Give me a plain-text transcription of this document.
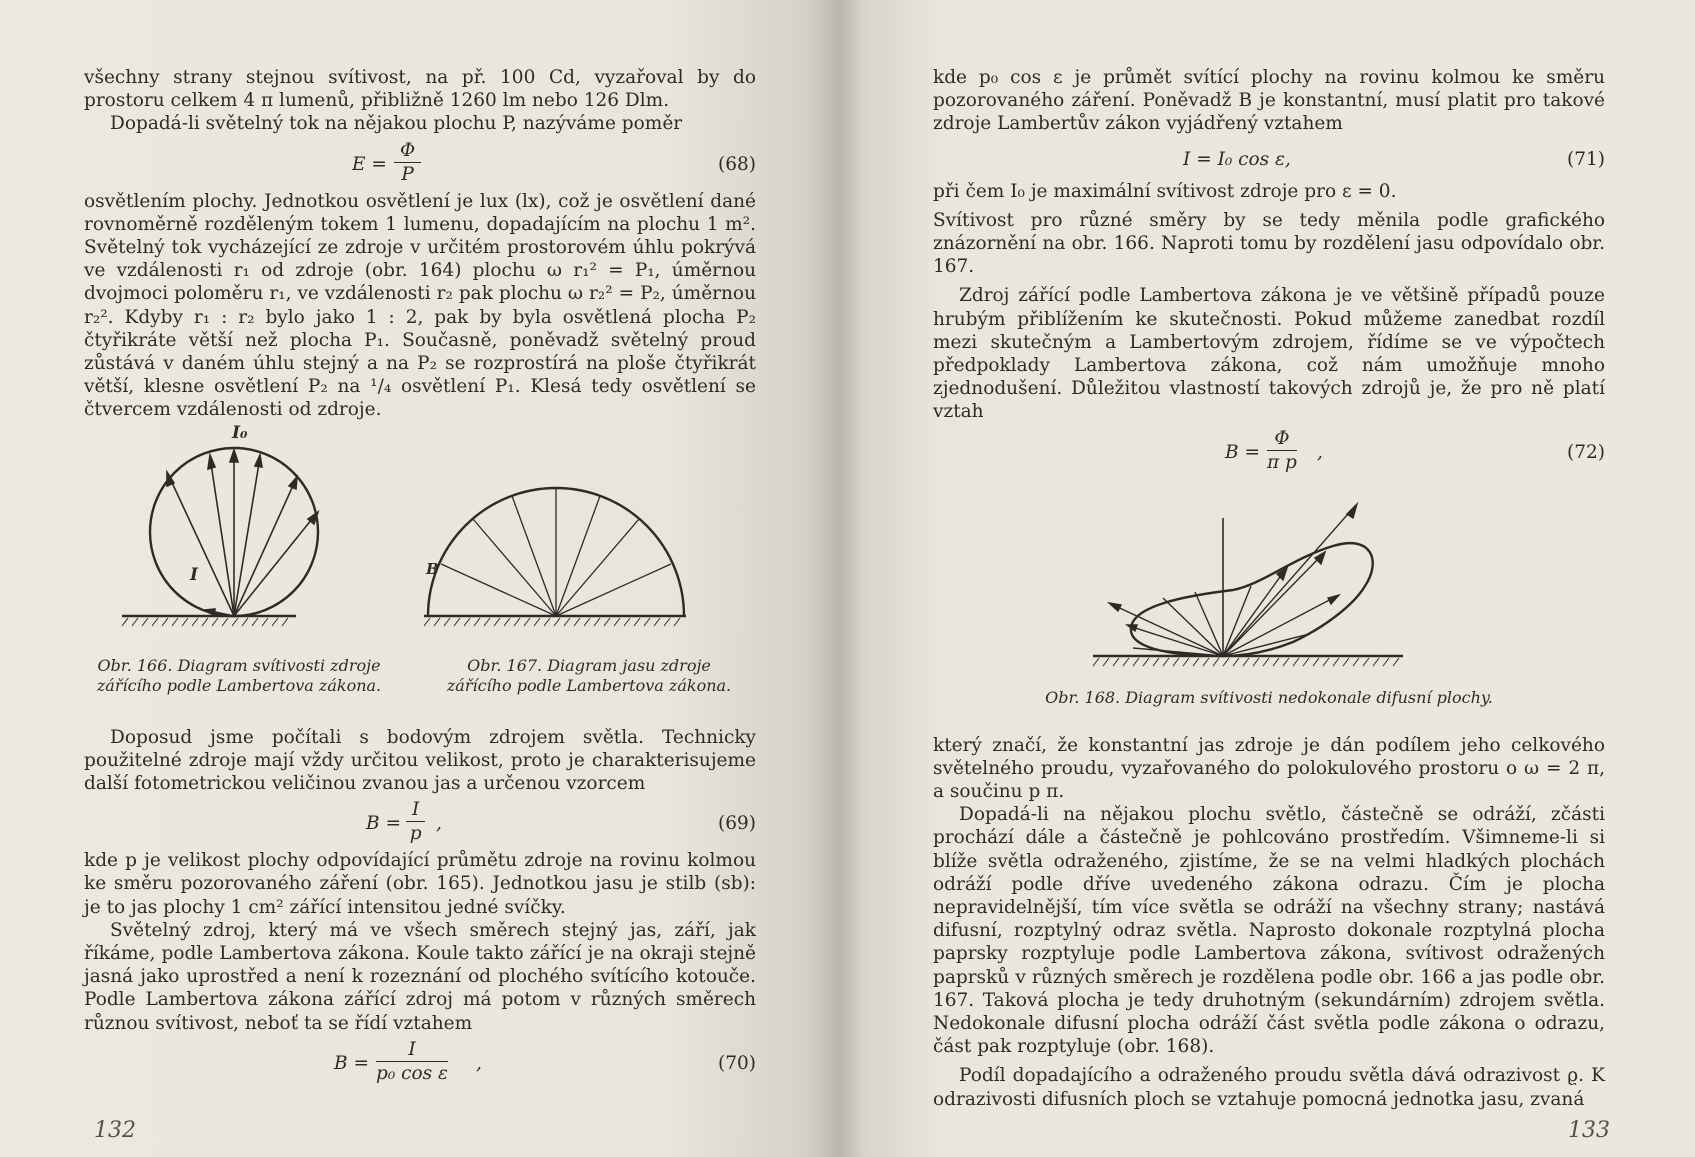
všechny strany stejnou svítivost, na př. 100 Cd, vyzařoval by do prostoru celkem 4 π lumenů, přibližně 1260 lm nebo 126 Dlm.

Dopadá-li světelný tok na nějakou plochu P, nazýváme poměr

$E = \frac{\Phi}{P}$	(68)

osvětlením plochy. Jednotkou osvětlení je lux (lx), což je osvětlení dané rovnoměrně rozděleným tokem 1 lumenu, dopadajícím na plochu 1 m². Světelný tok vycházející ze zdroje v určitém prostorovém úhlu pokrývá ve vzdálenosti r₁ od zdroje (obr. 164) plochu ω r₁² = P₁, úměrnou dvojmoci poloměru r₁, ve vzdálenosti r₂ pak plochu ω r₂² = P₂, úměrnou r₂². Kdyby r₁ : r₂ bylo jako 1 : 2, pak by byla osvětlená plocha P₂ čtyřikráte větší než plocha P₁. Současně, poněvadž světelný proud zůstává v daném úhlu stejný a na P₂ se rozprostírá na ploše čtyřikrát větší, klesne osvětlení P₂ na ¹/₄ osvětlení P₁. Klesá tedy osvětlení se čtvercem vzdálenosti od zdroje.

I₀
I	B
Obr. 166. Diagram svítivosti zdroje zářícího podle Lambertova zákona.
Obr. 167. Diagram jasu zdroje zářícího podle Lambertova zákona.

Doposud jsme počítali s bodovým zdrojem světla. Technicky použitelné zdroje mají vždy určitou velikost, proto je charakterisujeme další fotometrickou veličinou zvanou jas a určenou vzorcem

$B = \frac{I}{p}$ ,	(69)

kde p je velikost plochy odpovídající průmětu zdroje na rovinu kolmou ke směru pozorovaného záření (obr. 165). Jednotkou jasu je stilb (sb): je to jas plochy 1 cm² zářící intensitou jedné svíčky.

Světelný zdroj, který má ve všech směrech stejný jas, září, jak říkáme, podle Lambertova zákona. Koule takto zářící je na okraji stejně jasná jako uprostřed a není k rozeznání od plochého svítícího kotouče. Podle Lambertova zákona zářící zdroj má potom v různých směrech různou svítivost, neboť ta se řídí vztahem

$B = \frac{I}{\text{p₀ cos ε}}$ ,	(70)
132

kde p₀ cos ε je průmět svítící plochy na rovinu kolmou ke směru pozorovaného záření. Poněvadž B je konstantní, musí platit pro takové zdroje Lambertův zákon vyjádřený vztahem

I = I₀ cos ε,	(71)

při čem I₀ je maximální svítivost zdroje pro ε = 0.

Svítivost pro různé směry by se tedy měnila podle grafického znázornění na obr. 166. Naproti tomu by rozdělení jasu odpovídalo obr. 167.

Zdroj zářící podle Lambertova zákona je ve většině případů pouze hrubým přiblížením ke skutečnosti. Pokud můžeme zanedbat rozdíl mezi skutečným a Lambertovým zdrojem, řídíme se ve výpočtech předpoklady Lambertova zákona, což nám umožňuje mnoho zjednodušení. Důležitou vlastností takových zdrojů je, že pro ně platí vztah

$B = \frac{\Phi}{\text{π p}}$ ,	(72)
Obr. 168. Diagram svítivosti nedokonale difusní plochy.

který značí, že konstantní jas zdroje je dán podílem jeho celkového světelného proudu, vyzařovaného do polokulového prostoru o ω = 2 π, a součinu p π.

Dopadá-li na nějakou plochu světlo, částečně se odráží, zčásti prochází dále a částečně je pohlcováno prostředím. Všimneme-li si blíže světla odraženého, zjistíme, že se na velmi hladkých plochách odráží podle dříve uvedeného zákona odrazu. Čím je plocha nepravidelnější, tím více světla se odráží na všechny strany; nastává difusní, rozptylný odraz světla. Naprosto dokonale rozptylná plocha paprsky rozptyluje podle Lambertova zákona, svítivost odražených paprsků v různých směrech je rozdělena podle obr. 166 a jas podle obr. 167. Taková plocha je tedy druhotným (sekundárním) zdrojem světla. Nedokonale difusní plocha odráží část světla podle zákona o odrazu, část pak rozptyluje (obr. 168).

Podíl dopadajícího a odraženého proudu světla dává odrazivost ϱ. K odrazivosti difusních ploch se vztahuje pomocná jednotka jasu, zvaná

133
